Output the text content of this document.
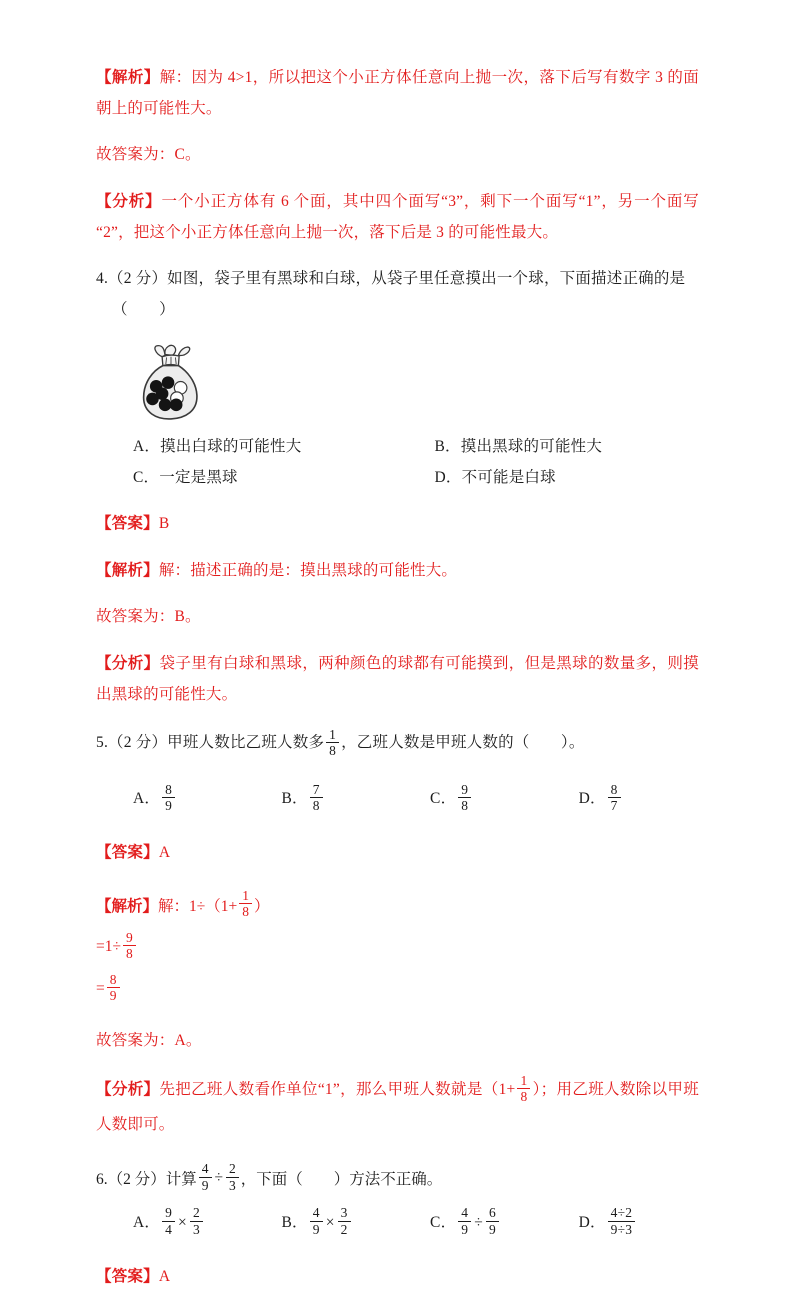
【解析】解：因为 4>1，所以把这个小正方体任意向上抛一次，落下后写有数字 3 的面朝上的可能性大。

故答案为：C。

【分析】一个小正方体有 6 个面，其中四个面写“3”，剩下一个面写“1”，另一个面写“2”，把这个小正方体任意向上抛一次，落下后是 3 的可能性最大。

4.（2 分）如图，袋子里有黑球和白球，从袋子里任意摸出一个球，下面描述正确的是
（　　）

A． 摸出白球的可能性大	B． 摸出黑球的可能性大
C． 一定是黑球	D． 不可能是白球

【答案】B

【解析】解：描述正确的是：摸出黑球的可能性大。

故答案为：B。

【分析】袋子里有白球和黑球，两种颜色的球都有可能摸到，但是黑球的数量多，则摸出黑球的可能性大。

5.（2 分）甲班人数比乙班人数多 $\frac{1}{8}$ ，乙班人数是甲班人数的（　　）。

A． $\frac{8}{9}$	B． $\frac{7}{8}$	C． $\frac{9}{8}$	D． $\frac{8}{7}$

【答案】A

【解析】 解：$1\div(1+ \frac{1}{8}$ ）
$=1\div \frac{9}{8}$
= $\frac{8}{9}$

故答案为：A。

【分析】先把乙班人数看作单位“1”，那么甲班人数就是（$1+ \frac{1}{8}$ ）；用乙班人数除以甲班人数即可。

6.（2 分）计算 $\frac{4}{9} \div \frac{2}{3}$ ，下面（　　）方法不正确。
A． $\frac{9}{4} \times \frac{2}{3}$	B． $\frac{4}{9} \times \frac{3}{2}$	C． $\frac{4}{9} \div \frac{6}{9}$	D． $\frac{4\div 2}{9\div 3}$

【答案】A
